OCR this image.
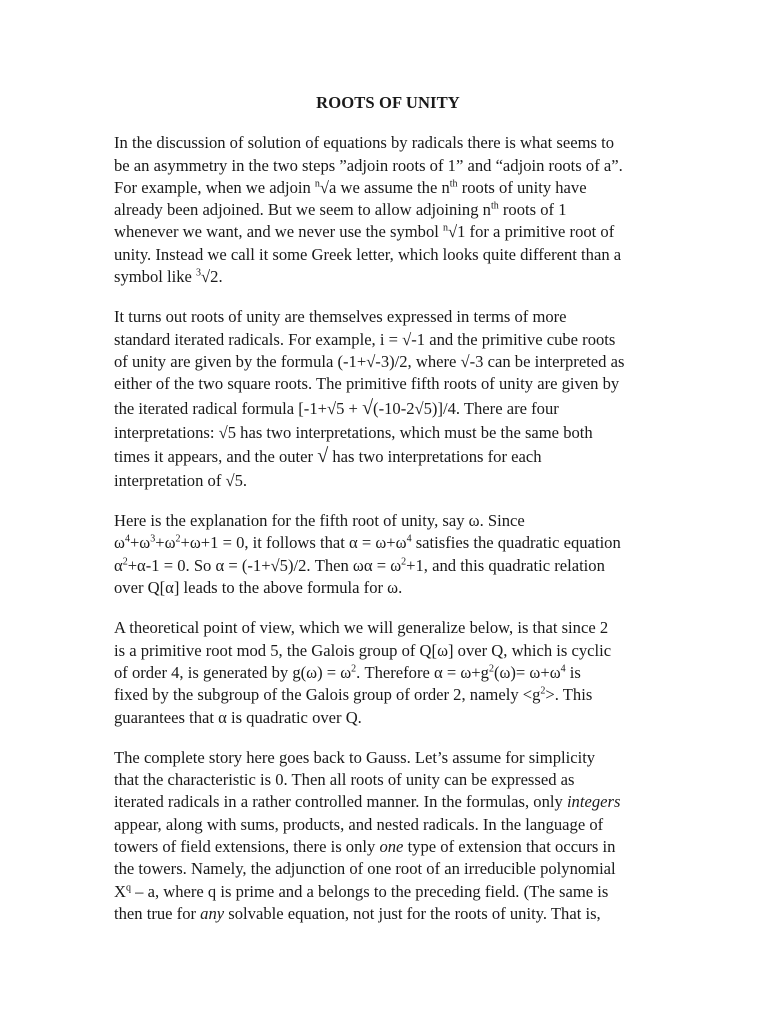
ROOTS OF UNITY
In the discussion of solution of equations by radicals there is what seems to
be an asymmetry in the two steps ”adjoin roots of 1” and “adjoin roots of a”.
For example, when we adjoin $^n$√a we assume the $n^{th}$ roots of unity have
already been adjoined. But we seem to allow adjoining $n^{th}$ roots of 1
whenever we want, and we never use the symbol $^n$√1 for a primitive root of
unity. Instead we call it some Greek letter, which looks quite different than a
symbol like $^3$√2.
It turns out roots of unity are themselves expressed in terms of more
standard iterated radicals. For example, i = √-1 and the primitive cube roots
of unity are given by the formula (-1+√-3)/2, where √-3 can be interpreted as
either of the two square roots. The primitive fifth roots of unity are given by
the iterated radical formula [-1+√5 + √(-10-2√5)]/4. There are four
interpretations: √5 has two interpretations, which must be the same both
times it appears, and the outer √ has two interpretations for each
interpretation of √5.
Here is the explanation for the fifth root of unity, say ω. Since
$\omega^4+\omega^3+\omega^2+\omega+1 = 0$, it follows that $\alpha = \omega+\omega^4$ satisfies the quadratic equation
$\alpha^2+\alpha-1 = 0$. So α = (-1+√5)/2. Then $\omega\alpha = \omega^2+1$, and this quadratic relation
over Q[α] leads to the above formula for ω.
A theoretical point of view, which we will generalize below, is that since 2
is a primitive root mod 5, the Galois group of Q[ω] over Q, which is cyclic
of order 4, is generated by $g(\omega) = \omega^2$. Therefore $\alpha = \omega+g^2(\omega)= \omega+\omega^4$ is
fixed by the subgroup of the Galois group of order 2, namely $<g^2>$. This
guarantees that α is quadratic over Q.
The complete story here goes back to Gauss. Let’s assume for simplicity
that the characteristic is 0. Then all roots of unity can be expressed as
iterated radicals in a rather controlled manner. In the formulas, only integers
appear, along with sums, products, and nested radicals. In the language of
towers of field extensions, there is only one type of extension that occurs in
the towers. Namely, the adjunction of one root of an irreducible polynomial
$X^q$ – a, where q is prime and a belongs to the preceding field. (The same is
then true for any solvable equation, not just for the roots of unity. That is,
